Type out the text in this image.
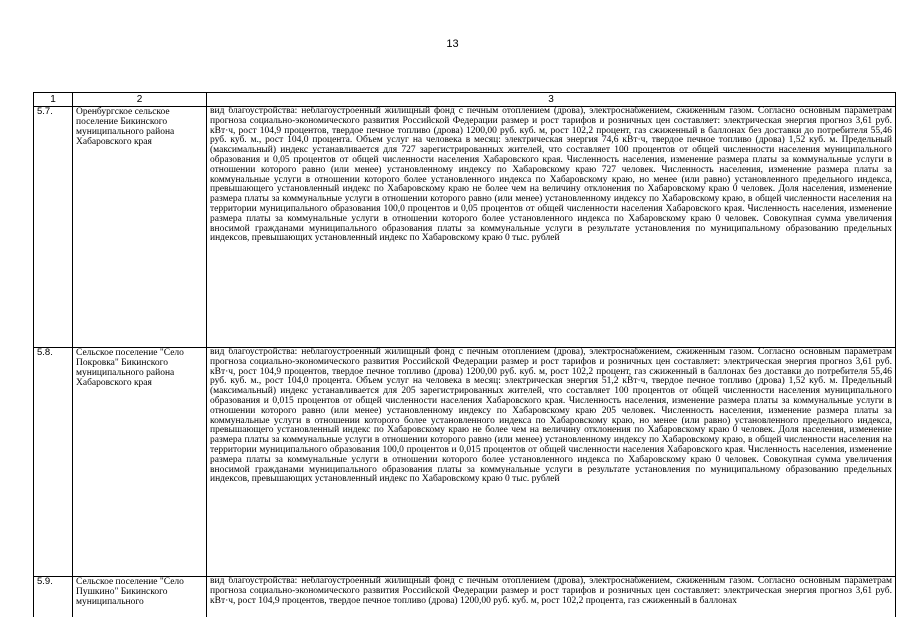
13
1	2	3
5.7.	Оренбургское сельское поселение Бикинского муниципального района Хабаровского края	вид благоустройства: неблагоустроенный жилищный фонд с печным отоплением (дрова), электроснабжением, сжиженным газом. Согласно основным параметрам прогноза социально-экономического развития Российской Федерации размер и рост тарифов и розничных цен составляет: электрическая энергия прогноз 3,61 руб. кВт·ч, рост 104,9 процентов, твердое печное топливо (дрова) 1200,00 руб. куб. м, рост 102,2 процент, газ сжиженный в баллонах без доставки до потребителя 55,46 руб. куб. м., рост 104,0 процента. Объем услуг на человека в месяц: электрическая энергия 74,6 кВт·ч, твердое печное топливо (дрова) 1,52 куб. м. Предельный (максимальный) индекс устанавливается для 727 зарегистрированных жителей, что составляет 100 процентов от общей численности населения муниципального образования и 0,05 процентов от общей численности населения Хабаровского края. Численность населения, изменение размера платы за коммунальные услуги в отношении которого равно (или менее) установленному индексу по Хабаровскому краю 727 человек. Численность населения, изменение размера платы за коммунальные услуги в отношении которого более установленного индекса по Хабаровскому краю, но менее (или равно) установленного предельного индекса, превышающего установленный индекс по Хабаровскому краю не более чем на величину отклонения по Хабаровскому краю 0 человек. Доля населения, изменение размера платы за коммунальные услуги в отношении которого равно (или менее) установленному индексу по Хабаровскому краю, в общей численности населения на территории муниципального образования 100,0 процентов и 0,05 процентов от общей численности населения Хабаровского края. Численность населения, изменение размера платы за коммунальные услуги в отношении которого более установленного индекса по Хабаровскому краю 0 человек. Совокупная сумма увеличения вносимой гражданами муниципального образования платы за коммунальные услуги в результате установления по муниципальному образованию предельных индексов, превышающих установленный индекс по Хабаровскому краю 0 тыс. рублей
5.8.	Сельское поселение "Село Покровка" Бикинского муниципального района Хабаровского края	вид благоустройства: неблагоустроенный жилищный фонд с печным отоплением (дрова), электроснабжением, сжиженным газом. Согласно основным параметрам прогноза социально-экономического развития Российской Федерации размер и рост тарифов и розничных цен составляет: электрическая энергия прогноз 3,61 руб. кВт·ч, рост 104,9 процентов, твердое печное топливо (дрова) 1200,00 руб. куб. м, рост 102,2 процент, газ сжиженный в баллонах без доставки до потребителя 55,46 руб. куб. м., рост 104,0 процента. Объем услуг на человека в месяц: электрическая энергия 51,2 кВт·ч, твердое печное топливо (дрова) 1,52 куб. м. Предельный (максимальный) индекс устанавливается для 205 зарегистрированных жителей, что составляет 100 процентов от общей численности населения муниципального образования и 0,015 процентов от общей численности населения Хабаровского края. Численность населения, изменение размера платы за коммунальные услуги в отношении которого равно (или менее) установленному индексу по Хабаровскому краю 205 человек. Численность населения, изменение размера платы за коммунальные услуги в отношении которого более установленного индекса по Хабаровскому краю, но менее (или равно) установленного предельного индекса, превышающего установленный индекс по Хабаровскому краю не более чем на величину отклонения по Хабаровскому краю 0 человек. Доля населения, изменение размера платы за коммунальные услуги в отношении которого равно (или менее) установленному индексу по Хабаровскому краю, в общей численности населения на территории муниципального образования 100,0 процентов и 0,015 процентов от общей численности населения Хабаровского края. Численность населения, изменение размера платы за коммунальные услуги в отношении которого более установленного индекса по Хабаровскому краю 0 человек. Совокупная сумма увеличения вносимой гражданами муниципального образования платы за коммунальные услуги в результате установления по муниципальному образованию предельных индексов, превышающих установленный индекс по Хабаровскому краю 0 тыс. рублей
5.9.	Сельское поселение "Село Пушкино" Бикинского муниципального	вид благоустройства: неблагоустроенный жилищный фонд с печным отоплением (дрова), электроснабжением, сжиженным газом. Согласно основным параметрам прогноза социально-экономического развития Российской Федерации размер и рост тарифов и розничных цен составляет: электрическая энергия прогноз 3,61 руб. кВт·ч, рост 104,9 процентов, твердое печное топливо (дрова) 1200,00 руб. куб. м, рост 102,2 процента, газ сжиженный в баллонах
